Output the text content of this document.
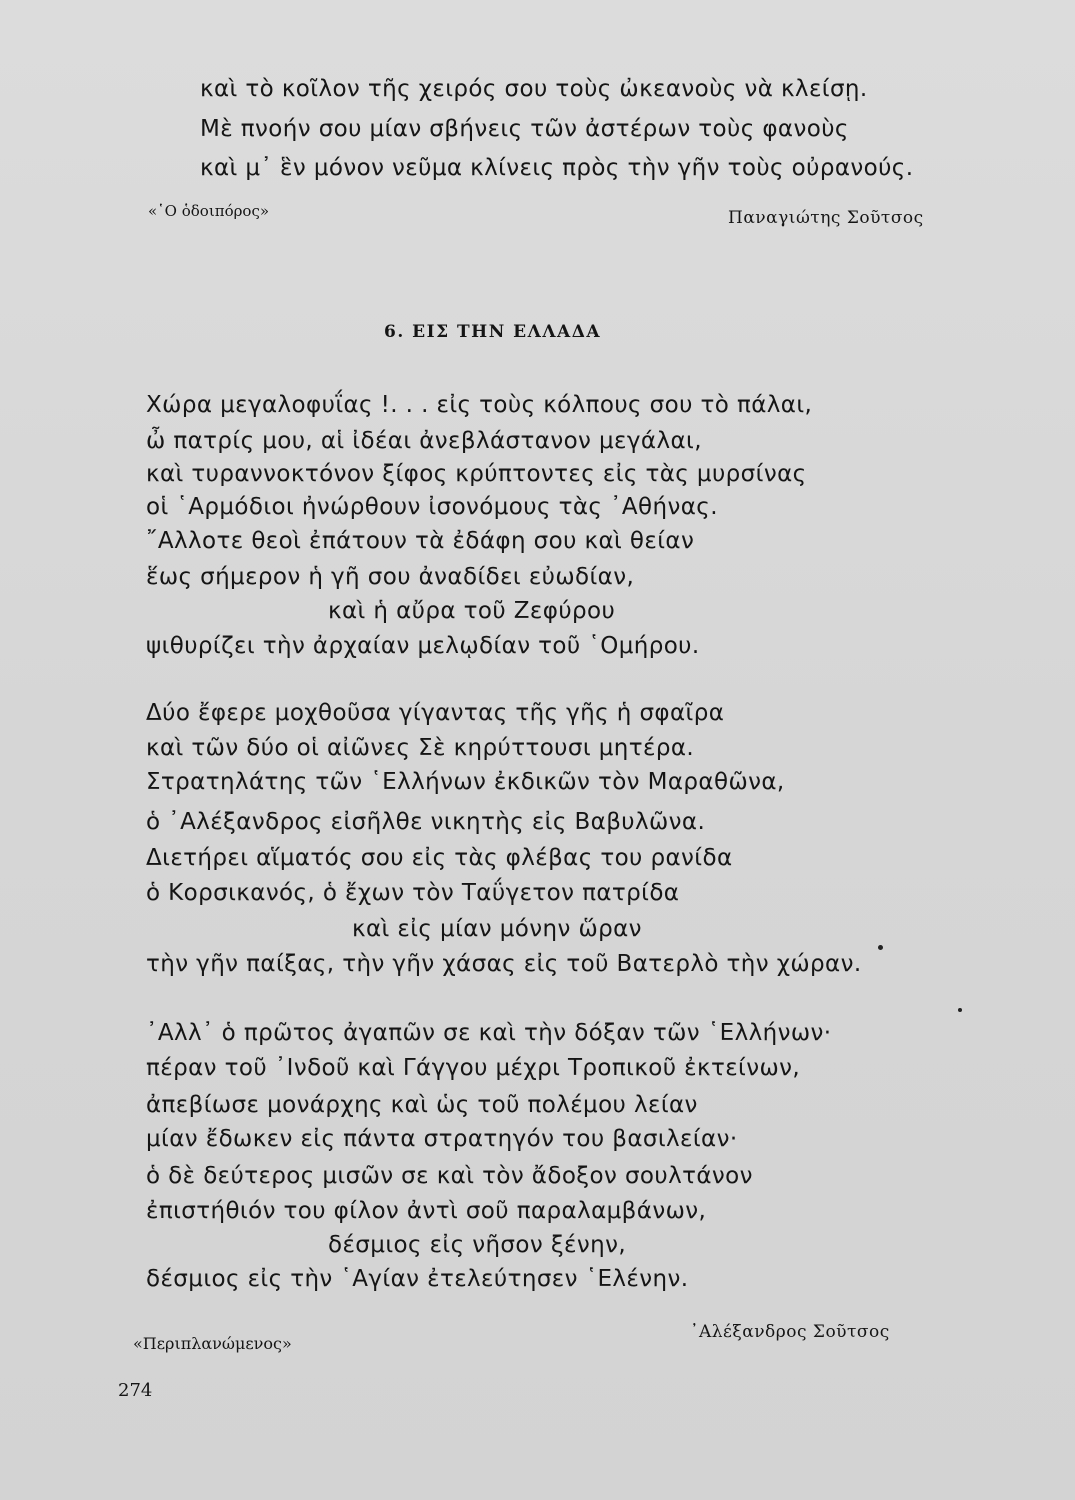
καὶ τὸ κοῖλον τῆς χειρός σου τοὺς ὠκεανοὺς νὰ κλείσῃ.
Μὲ πνοήν σου μίαν σβήνεις τῶν ἀστέρων τοὺς φανοὺς
καὶ μ᾿ ἓν μόνον νεῦμα κλίνεις πρὸς τὴν γῆν τοὺς οὐρανούς.
«῾Ο ὁδοιπόρος»	Παναγιώτης Σοῦτσος
6. ΕΙΣ ΤΗΝ ΕΛΛΑΔΑ
Χώρα μεγαλοφυΐας !. . . εἰς τοὺς κόλπους σου τὸ πάλαι,
ὦ πατρίς μου, αἱ ἰδέαι ἀνεβλάστανον μεγάλαι,
καὶ τυραννοκτόνον ξίφος κρύπτοντες εἰς τὰς μυρσίνας
οἱ ῾Αρμόδιοι ἠνώρθουν ἰσονόμους τὰς ᾿Αθήνας.
῎Αλλοτε θεοὶ ἐπάτουν τὰ ἐδάφη σου καὶ θείαν
ἕως σήμερον ἡ γῆ σου ἀναδίδει εὐωδίαν,
καὶ ἡ αὔρα τοῦ Ζεφύρου
ψιθυρίζει τὴν ἀρχαίαν μελῳδίαν τοῦ ῾Ομήρου.
Δύο ἔφερε μοχθοῦσα γίγαντας τῆς γῆς ἡ σφαῖρα
καὶ τῶν δύο οἱ αἰῶνες Σὲ κηρύττουσι μητέρα.
Στρατηλάτης τῶν ῾Ελλήνων ἐκδικῶν τὸν Μαραθῶνα,
ὁ ᾿Αλέξανδρος εἰσῆλθε νικητὴς εἰς Βαβυλῶνα.
Διετήρει αἵματός σου εἰς τὰς φλέβας του ρανίδα
ὁ Κορσικανός, ὁ ἔχων τὸν Ταΰγετον πατρίδα
καὶ εἰς μίαν μόνην ὥραν
τὴν γῆν παίξας, τὴν γῆν χάσας εἰς τοῦ Βατερλὸ τὴν χώραν.
᾿Αλλ᾿ ὁ πρῶτος ἀγαπῶν σε καὶ τὴν δόξαν τῶν ῾Ελλήνων·
πέραν τοῦ ᾿Ινδοῦ καὶ Γάγγου μέχρι Τροπικοῦ ἐκτείνων,
ἀπεβίωσε μονάρχης καὶ ὡς τοῦ πολέμου λείαν
μίαν ἔδωκεν εἰς πάντα στρατηγόν του βασιλείαν·
ὁ δὲ δεύτερος μισῶν σε καὶ τὸν ἄδοξον σουλτάνον
ἐπιστήθιόν του φίλον ἀντὶ σοῦ παραλαμβάνων,
δέσμιος εἰς νῆσον ξένην,
δέσμιος εἰς τὴν ῾Αγίαν ἐτελεύτησεν ῾Ελένην.
«Περιπλανώμενος»
᾿Αλέξανδρος Σοῦτσος
274
